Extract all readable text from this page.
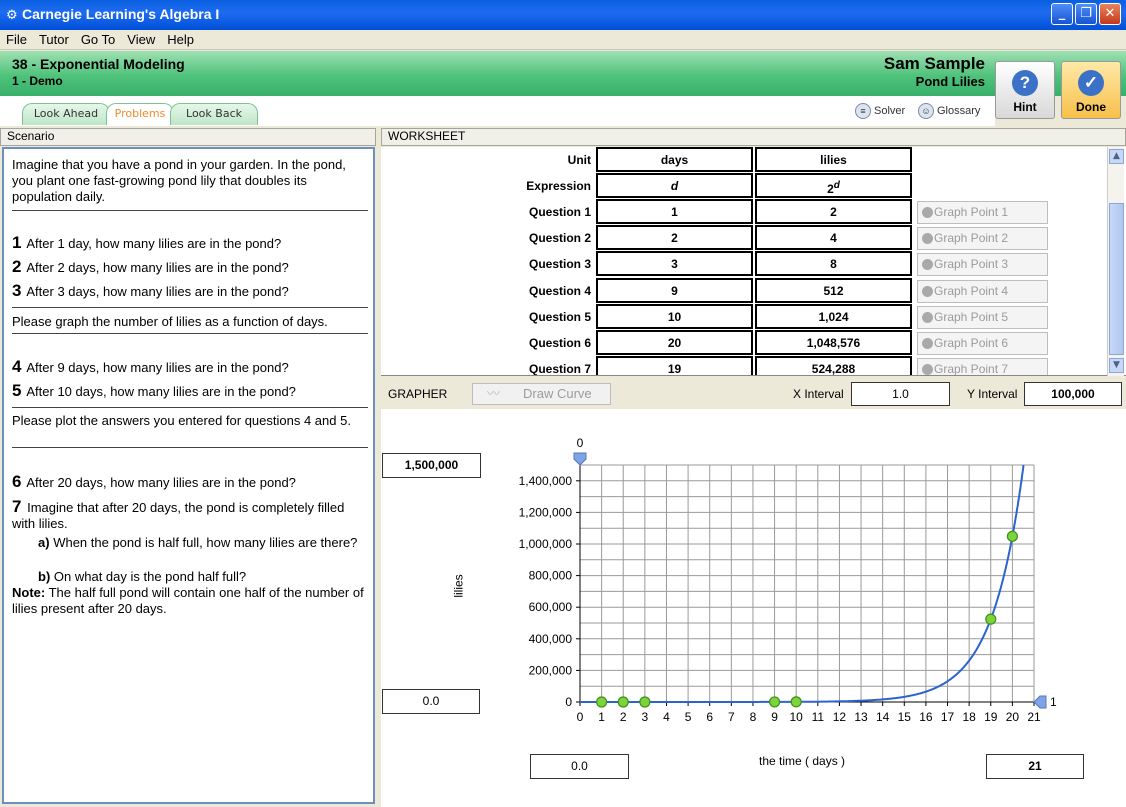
⚙ Carnegie Learning's Algebra I	_	❐ ✕
File Tutor Go To View Help
38 - Exponential Modeling
1 - Demo
Sam Sample
Pond Lilies	?
Hint
✓
Done
Look Ahead	Problems	Look Back	≡ Solver	☺ Glossary
Scenario
Imagine that you have a pond in your garden. In the pond, you plant one fast-growing pond lily that doubles its population daily.
1 After 1 day, how many lilies are in the pond?
2 After 2 days, how many lilies are in the pond?
3 After 3 days, how many lilies are in the pond?
Please graph the number of lilies as a function of days.
4 After 9 days, how many lilies are in the pond?
5 After 10 days, how many lilies are in the pond?
Please plot the answers you entered for questions 4 and 5.
6 After 20 days, how many lilies are in the pond?
7 Imagine that after 20 days, the pond is completely filled with lilies.
a) When the pond is half full, how many lilies are there?
b) On what day is the pond half full?
Note: The half full pond will contain one half of the number of lilies present after 20 days.
WORKSHEET
Unit	days	lilies
Expression	d	2$^d$
Question 1	1	2	Graph Point 1
Question 2	2	4	Graph Point 2
Question 3	3	8	Graph Point 3
Question 4	9	512	Graph Point 4
Question 5	10	1,024	Graph Point 5
Question 6	20	1,048,576	Graph Point 6
Question 7	19	524,288	Graph Point 7
▲
▼
GRAPHER	〰 Draw Curve	X Interval	1.0	Y Interval	100,000
1,500,000
0.0
0.0	21
the time ( days )
lilies
0 1 2 3 4 5 6 7 8 9 10 11 12 13 14 15 16 17 18 19 20 21
0
200,000
400,000
600,000
800,000
1,000,000
1,200,000
1,400,000
0
1
